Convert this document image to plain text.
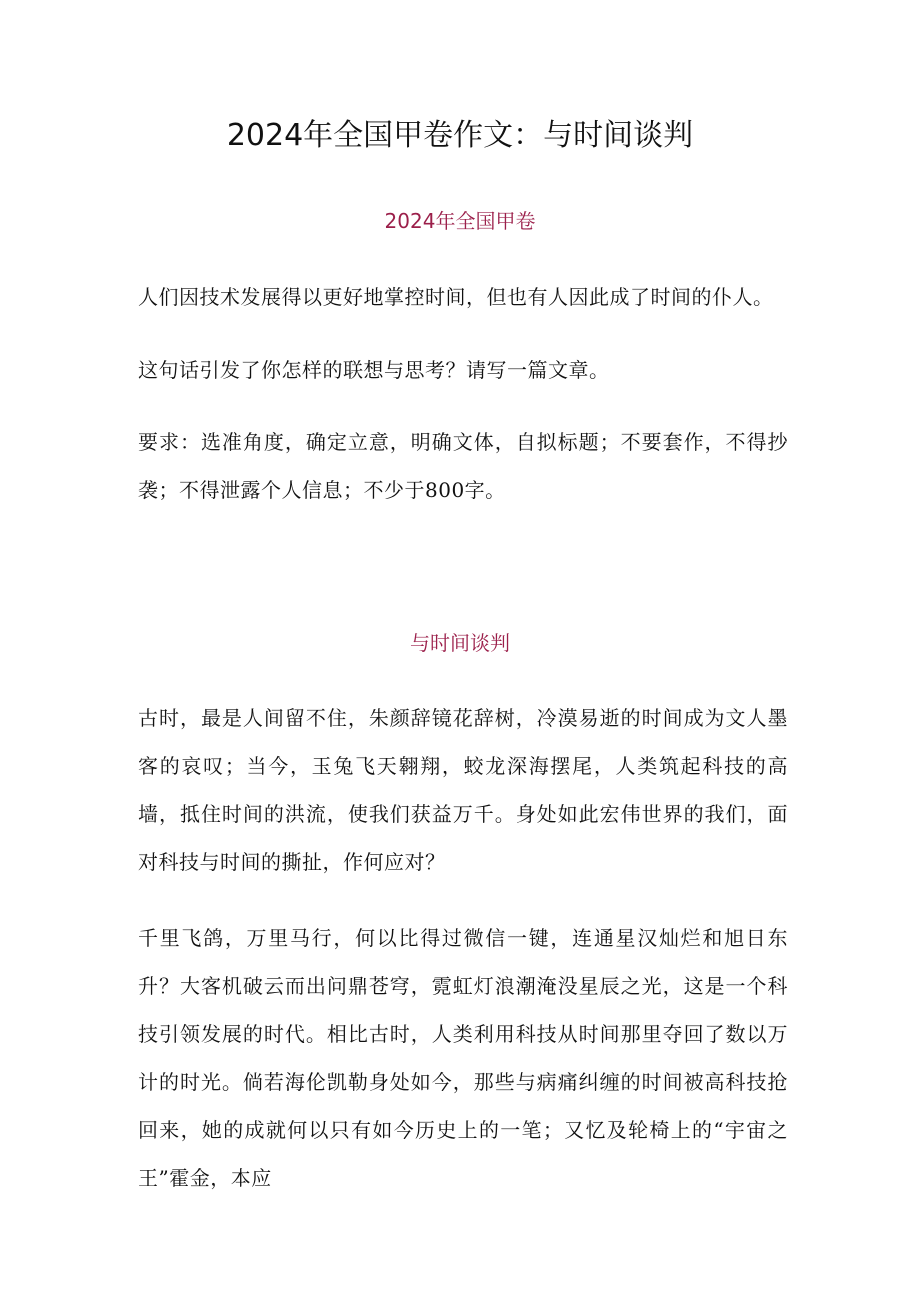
2024年全国甲卷作文：与时间谈判
2024年全国甲卷

人们因技术发展得以更好地掌控时间，但也有人因此成了时间的仆人。

这句话引发了你怎样的联想与思考？请写一篇文章。

要求：选准角度，确定立意，明确文体，自拟标题；不要套作，不得抄袭；不得泄露个人信息；不少于800字。

与时间谈判

古时，最是人间留不住，朱颜辞镜花辞树，冷漠易逝的时间成为文人墨客的哀叹；当今，玉兔飞天翱翔，蛟龙深海摆尾，人类筑起科技的高墙，抵住时间的洪流，使我们获益万千。身处如此宏伟世界的我们，面对科技与时间的撕扯，作何应对？

千里飞鸽，万里马行，何以比得过微信一键，连通星汉灿烂和旭日东升？大客机破云而出问鼎苍穹，霓虹灯浪潮淹没星辰之光，这是一个科技引领发展的时代。相比古时，人类利用科技从时间那里夺回了数以万计的时光。倘若海伦凯勒身处如今，那些与病痛纠缠的时间被高科技抢回来，她的成就何以只有如今历史上的一笔；又忆及轮椅上的“宇宙之王”霍金，本应
